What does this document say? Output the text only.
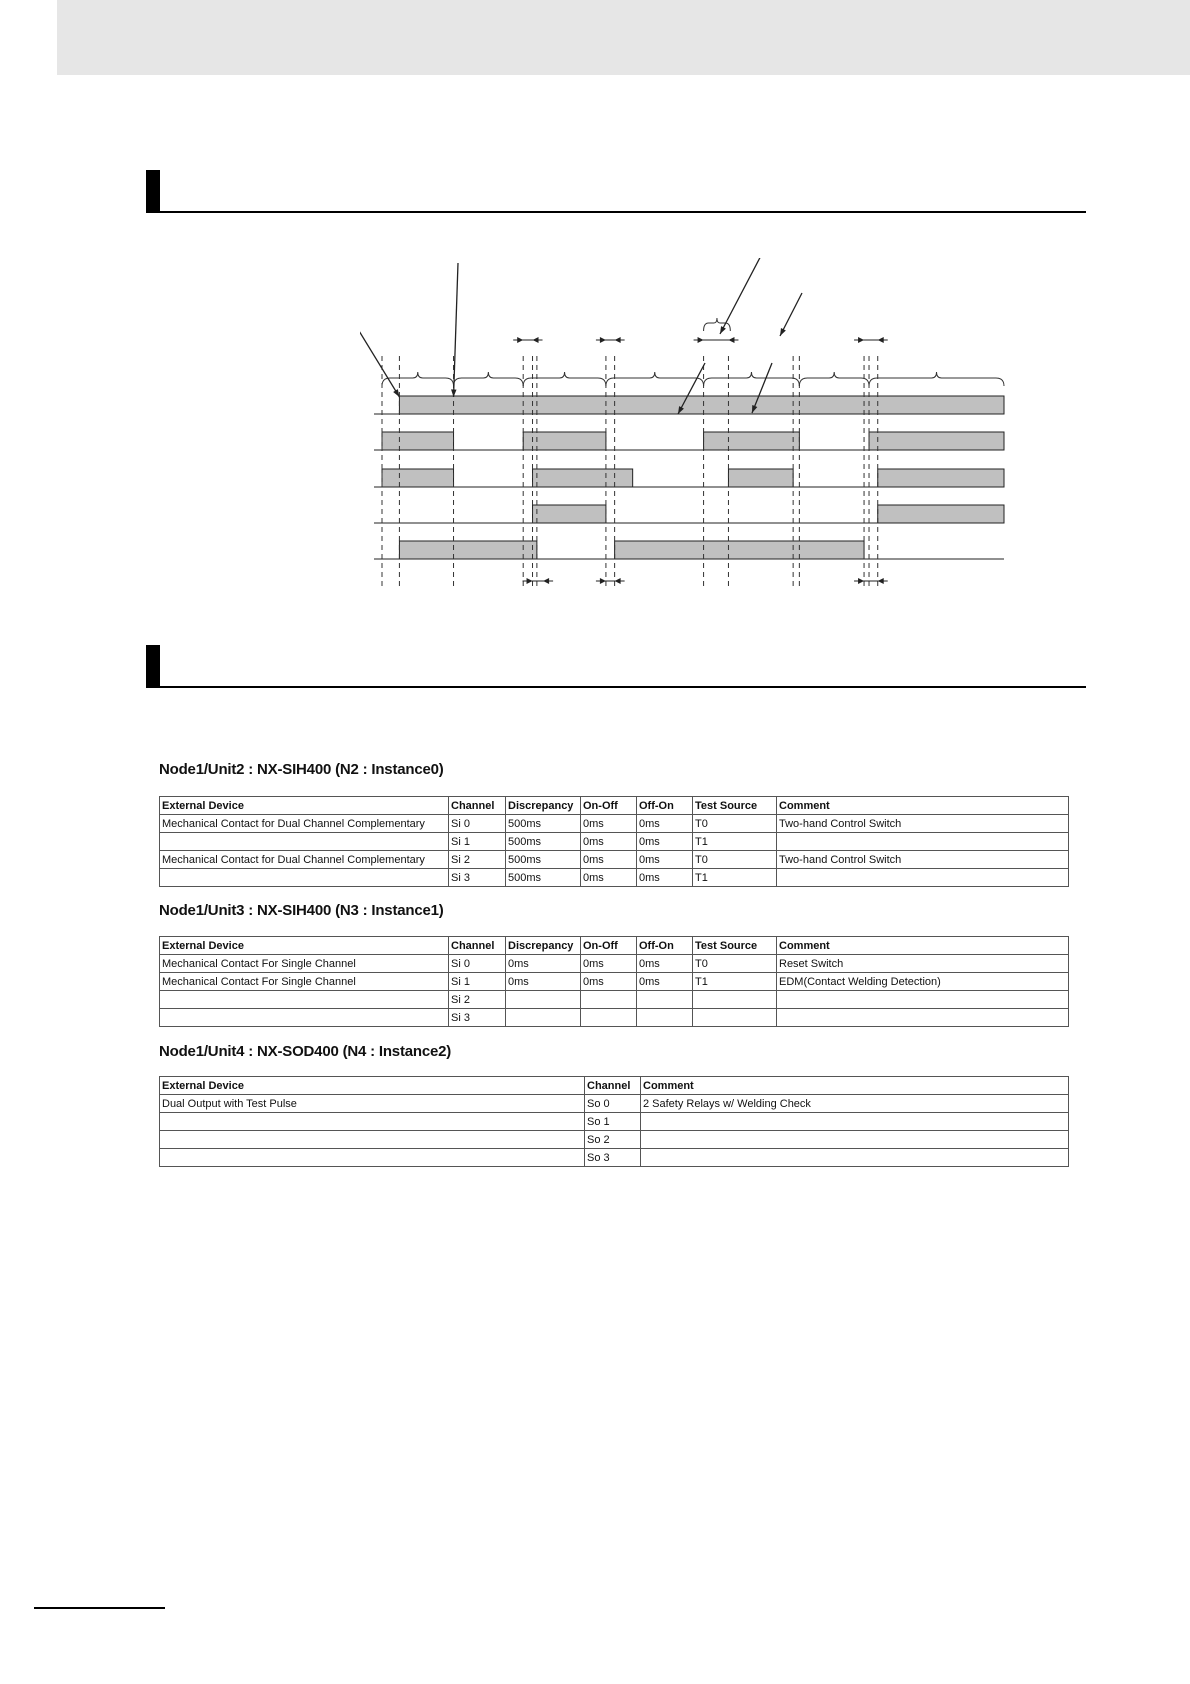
Node1/Unit2 : NX-SIH400 (N2 : Instance0)
External Device	Channel	Discrepancy	On-Off	Off-On	Test Source	Comment
Mechanical Contact for Dual Channel Complementary	Si 0	500ms	0ms	0ms	T0	Two-hand Control Switch
	Si 1	500ms	0ms	0ms	T1	
Mechanical Contact for Dual Channel Complementary	Si 2	500ms	0ms	0ms	T0	Two-hand Control Switch
	Si 3	500ms	0ms	0ms	T1	
Node1/Unit3 : NX-SIH400 (N3 : Instance1)
External Device	Channel	Discrepancy	On-Off	Off-On	Test Source	Comment
Mechanical Contact For Single Channel	Si 0	0ms	0ms	0ms	T0	Reset Switch
Mechanical Contact For Single Channel	Si 1	0ms	0ms	0ms	T1	EDM(Contact Welding Detection)
	Si 2					
	Si 3					
Node1/Unit4 : NX-SOD400 (N4 : Instance2)
External Device	Channel	Comment
Dual Output with Test Pulse	So 0	2 Safety Relays w/ Welding Check
	So 1	
	So 2	
	So 3	
